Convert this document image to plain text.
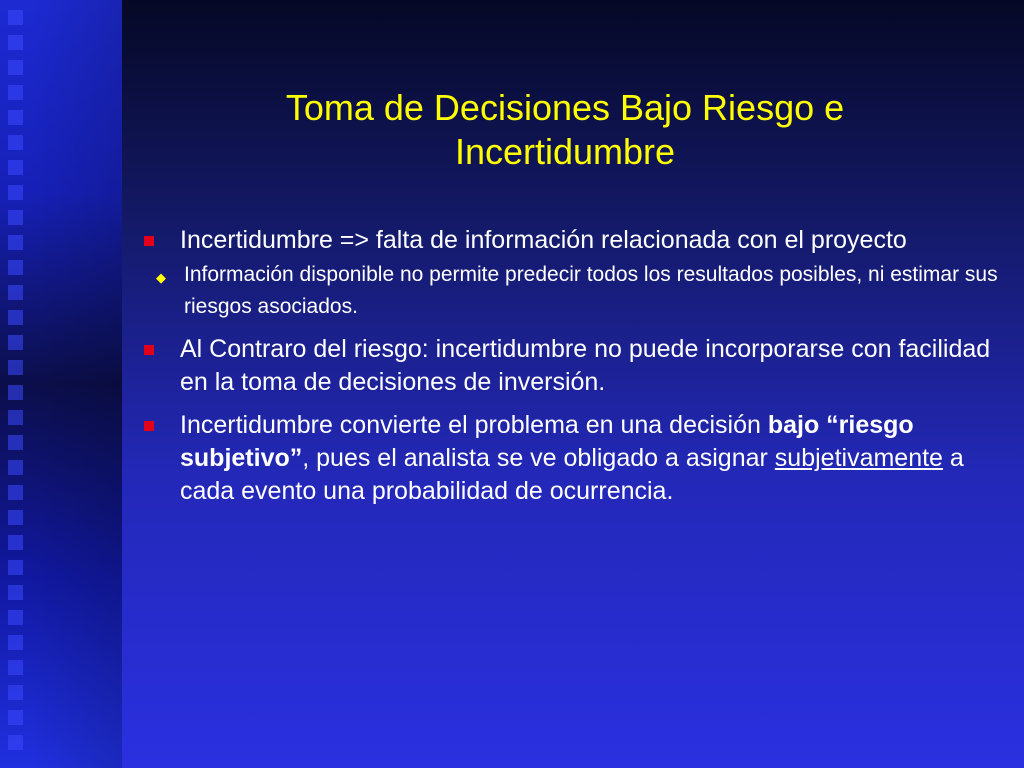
Toma de Decisiones Bajo Riesgo e Incertidumbre
Incertidumbre => falta de información relacionada con el proyecto
◆ Información disponible no permite predecir todos los resultados posibles, ni estimar sus riesgos asociados.
Al Contraro del riesgo: incertidumbre no puede incorporarse con facilidad en la toma de decisiones de inversión.
Incertidumbre convierte el problema en una decisión bajo “riesgo subjetivo”, pues el analista se ve obligado a asignar subjetivamente a cada evento una probabilidad de ocurrencia.
